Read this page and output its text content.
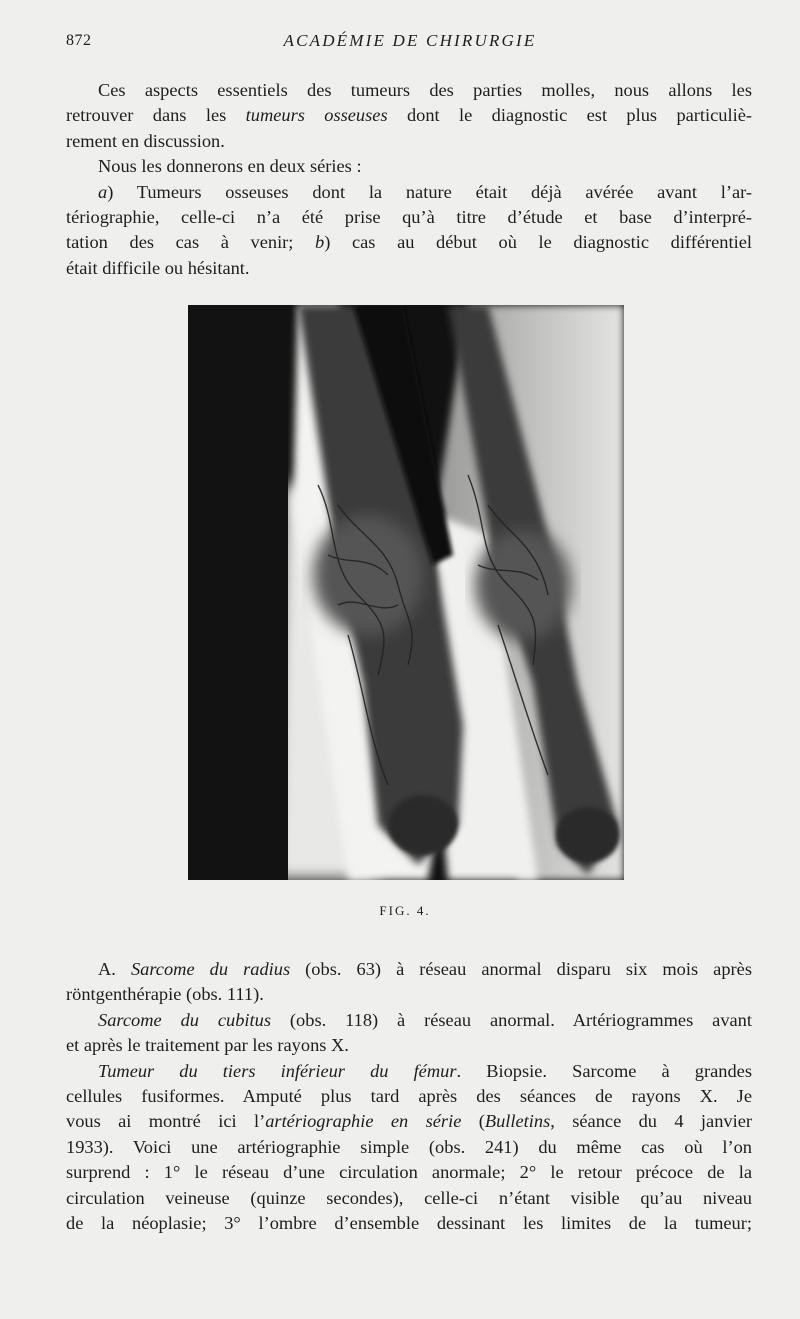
872	ACADÉMIE DE CHIRURGIE
Ces aspects essentiels des tumeurs des parties molles, nous allons les
retrouver dans les tumeurs osseuses dont le diagnostic est plus particuliè-
rement en discussion.
Nous les donnerons en deux séries :
a) Tumeurs osseuses dont la nature était déjà avérée avant l’ar-
tériographie, celle-ci n’a été prise qu’à titre d’étude et base d’interpré-
tation des cas à venir; b) cas au début où le diagnostic différentiel
était difficile ou hésitant.
FIG. 4.
A. Sarcome du radius (obs. 63) à réseau anormal disparu six mois après
röntgenthérapie (obs. 111).
Sarcome du cubitus (obs. 118) à réseau anormal. Artériogrammes avant
et après le traitement par les rayons X.
Tumeur du tiers inférieur du fémur. Biopsie. Sarcome à grandes
cellules fusiformes. Amputé plus tard après des séances de rayons X. Je
vous ai montré ici l’artériographie en série (Bulletins, séance du 4 janvier
1933). Voici une artériographie simple (obs. 241) du même cas où l’on
surprend : 1° le réseau d’une circulation anormale; 2° le retour précoce de la
circulation veineuse (quinze secondes), celle-ci n’étant visible qu’au niveau
de la néoplasie; 3° l’ombre d’ensemble dessinant les limites de la tumeur;
